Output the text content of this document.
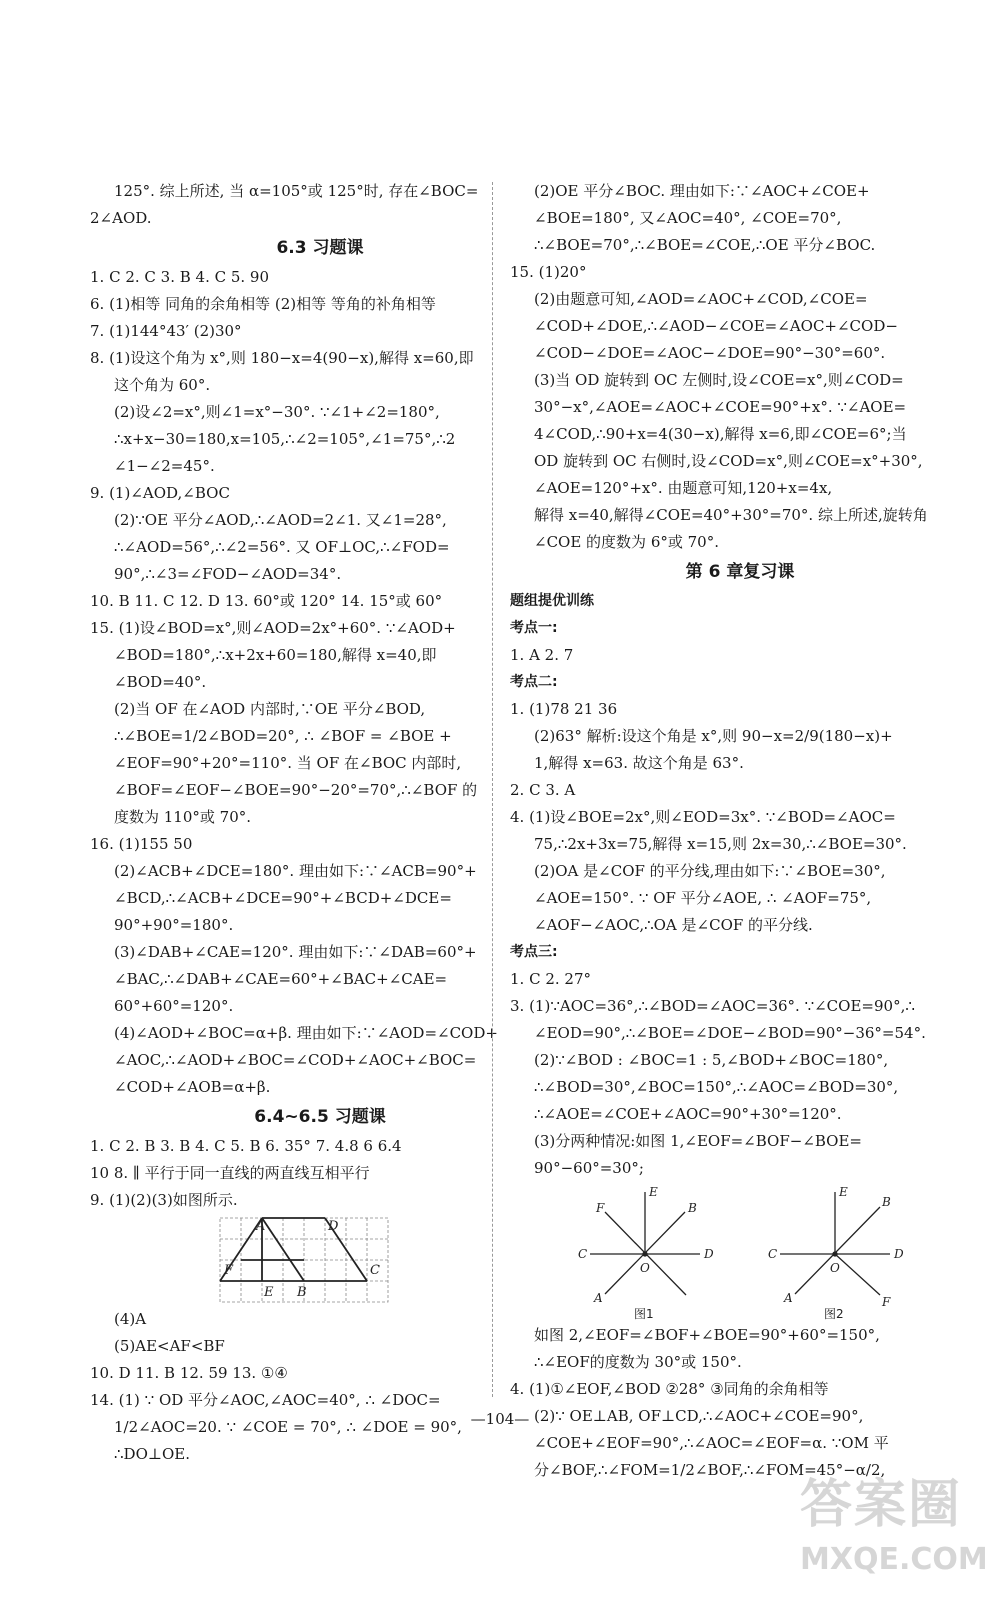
125°. 综上所述, 当 α=105°或 125°时, 存在∠BOC=
2∠AOD.
6.3 习题课
1. C 2. C 3. B 4. C 5. 90
6. (1)相等 同角的余角相等 (2)相等 等角的补角相等
7. (1)144°43′ (2)30°
8. (1)设这个角为 x°,则 180−x=4(90−x),解得 x=60,即
这个角为 60°.
(2)设∠2=x°,则∠1=x°−30°. ∵∠1+∠2=180°,
∴x+x−30=180,x=105,∴∠2=105°,∠1=75°,∴2
∠1−∠2=45°.
9. (1)∠AOD,∠BOC
(2)∵OE 平分∠AOD,∴∠AOD=2∠1. 又∠1=28°,
∴∠AOD=56°,∴∠2=56°. 又 OF⊥OC,∴∠FOD=
90°,∴∠3=∠FOD−∠AOD=34°.
10. B 11. C 12. D 13. 60°或 120° 14. 15°或 60°
15. (1)设∠BOD=x°,则∠AOD=2x°+60°. ∵∠AOD+
∠BOD=180°,∴x+2x+60=180,解得 x=40,即
∠BOD=40°.
(2)当 OF 在∠AOD 内部时,∵OE 平分∠BOD,
∴∠BOE=1/2∠BOD=20°, ∴ ∠BOF = ∠BOE +
∠EOF=90°+20°=110°. 当 OF 在∠BOC 内部时,
∠BOF=∠EOF−∠BOE=90°−20°=70°,∴∠BOF 的
度数为 110°或 70°.
16. (1)155 50
(2)∠ACB+∠DCE=180°. 理由如下:∵∠ACB=90°+
∠BCD,∴∠ACB+∠DCE=90°+∠BCD+∠DCE=
90°+90°=180°.
(3)∠DAB+∠CAE=120°. 理由如下:∵∠DAB=60°+
∠BAC,∴∠DAB+∠CAE=60°+∠BAC+∠CAE=
60°+60°=120°.
(4)∠AOD+∠BOC=α+β. 理由如下:∵∠AOD=∠COD+
∠AOC,∴∠AOD+∠BOC=∠COD+∠AOC+∠BOC=
∠COD+∠AOB=α+β.
6.4~6.5 习题课
1. C 2. B 3. B 4. C 5. B 6. 35° 7. 4.8 6 6.4
10 8. ∥ 平行于同一直线的两直线互相平行
9. (1)(2)(3)如图所示.
A	D
F
E B
C
(4)A
(5)AE<AF<BF
10. D 11. B 12. 59 13. ①④
14. (1) ∵ OD 平分∠AOC,∠AOC=40°, ∴ ∠DOC=
1/2∠AOC=20. ∵ ∠COE = 70°, ∴ ∠DOE = 90°,
∴DO⊥OE.
(2)OE 平分∠BOC. 理由如下:∵∠AOC+∠COE+
∠BOE=180°, 又∠AOC=40°, ∠COE=70°,
∴∠BOE=70°,∴∠BOE=∠COE,∴OE 平分∠BOC.
15. (1)20°
(2)由题意可知,∠AOD=∠AOC+∠COD,∠COE=
∠COD+∠DOE,∴∠AOD−∠COE=∠AOC+∠COD−
∠COD−∠DOE=∠AOC−∠DOE=90°−30°=60°.
(3)当 OD 旋转到 OC 左侧时,设∠COE=x°,则∠COD=
30°−x°,∠AOE=∠AOC+∠COE=90°+x°. ∵∠AOE=
4∠COD,∴90+x=4(30−x),解得 x=6,即∠COE=6°;当
OD 旋转到 OC 右侧时,设∠COD=x°,则∠COE=x°+30°,
∠AOE=120°+x°. 由题意可知,120+x=4x,
解得 x=40,解得∠COE=40°+30°=70°. 综上所述,旋转角
∠COE 的度数为 6°或 70°.
第 6 章复习课
题组提优训练
考点一:
1. A 2. 7
考点二:
1. (1)78 21 36
(2)63° 解析:设这个角是 x°,则 90−x=2/9(180−x)+
1,解得 x=63. 故这个角是 63°.
2. C 3. A
4. (1)设∠BOE=2x°,则∠EOD=3x°. ∵∠BOD=∠AOC=
75,∴2x+3x=75,解得 x=15,则 2x=30,∴∠BOE=30°.
(2)OA 是∠COF 的平分线,理由如下:∵∠BOE=30°,
∠AOE=150°. ∵ OF 平分∠AOE, ∴ ∠AOF=75°,
∠AOF−∠AOC,∴OA 是∠COF 的平分线.
考点三:
1. C 2. 27°
3. (1)∵AOC=36°,∴∠BOD=∠AOC=36°. ∵∠COE=90°,∴
∠EOD=90°,∴∠BOE=∠DOE−∠BOD=90°−36°=54°.
(2)∵∠BOD : ∠BOC=1 : 5,∠BOD+∠BOC=180°,
∴∠BOD=30°,∠BOC=150°,∴∠AOC=∠BOD=30°,
∴∠AOE=∠COE+∠AOC=90°+30°=120°.
(3)分两种情况:如图 1,∠EOF=∠BOF−∠BOE=
90°−60°=30°;
E
B
F
C
O
D
A
E
B
C
O
D
A	F
图1	图2
如图 2,∠EOF=∠BOF+∠BOE=90°+60°=150°,
∴∠EOF的度数为 30°或 150°.
4. (1)①∠EOF,∠BOD ②28° ③同角的余角相等
(2)∵ OE⊥AB, OF⊥CD,∴∠AOC+∠COE=90°,
∠COE+∠EOF=90°,∴∠AOC=∠EOF=α. ∵OM 平
分∠BOF,∴∠FOM=1/2∠BOF,∴∠FOM=45°−α/2,
—104—
答案圈
MXQE.COM
